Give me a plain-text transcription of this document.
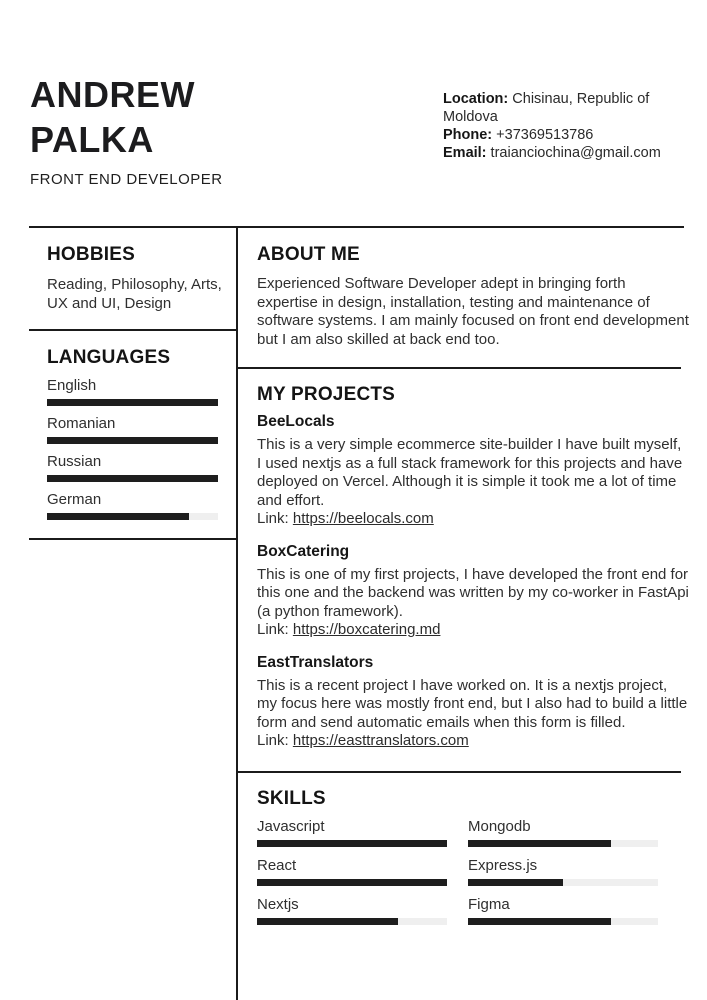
ANDREW
PALKA
FRONT END DEVELOPER
Location: Chisinau, Republic of Moldova
Phone: +37369513786
Email: traianciochina@gmail.com
HOBBIES

Reading, Philosophy, Arts, UX and UI, Design

LANGUAGES
English
Romanian
Russian
German
ABOUT ME

Experienced Software Developer adept in bringing forth expertise in design, installation, testing and maintenance of software systems. I am mainly focused on front end development but I am also skilled at back end too.

MY PROJECTS
BeeLocals
This is a very simple ecommerce site-builder I have built myself, I used nextjs as a full stack framework for this projects and have deployed on Vercel. Although it is simple it took me a lot of time and effort.
Link: https://beelocals.com
BoxCatering
This is one of my first projects, I have developed the front end for this one and the backend was written by my co-worker in FastApi (a python framework).
Link: https://boxcatering.md
EastTranslators
This is a recent project I have worked on. It is a nextjs project, my focus here was mostly front end, but I also had to build a little form and send automatic emails when this form is filled.
Link: https://easttranslators.com
SKILLS
Javascript
React
Nextjs
Mongodb
Express.js
Figma
